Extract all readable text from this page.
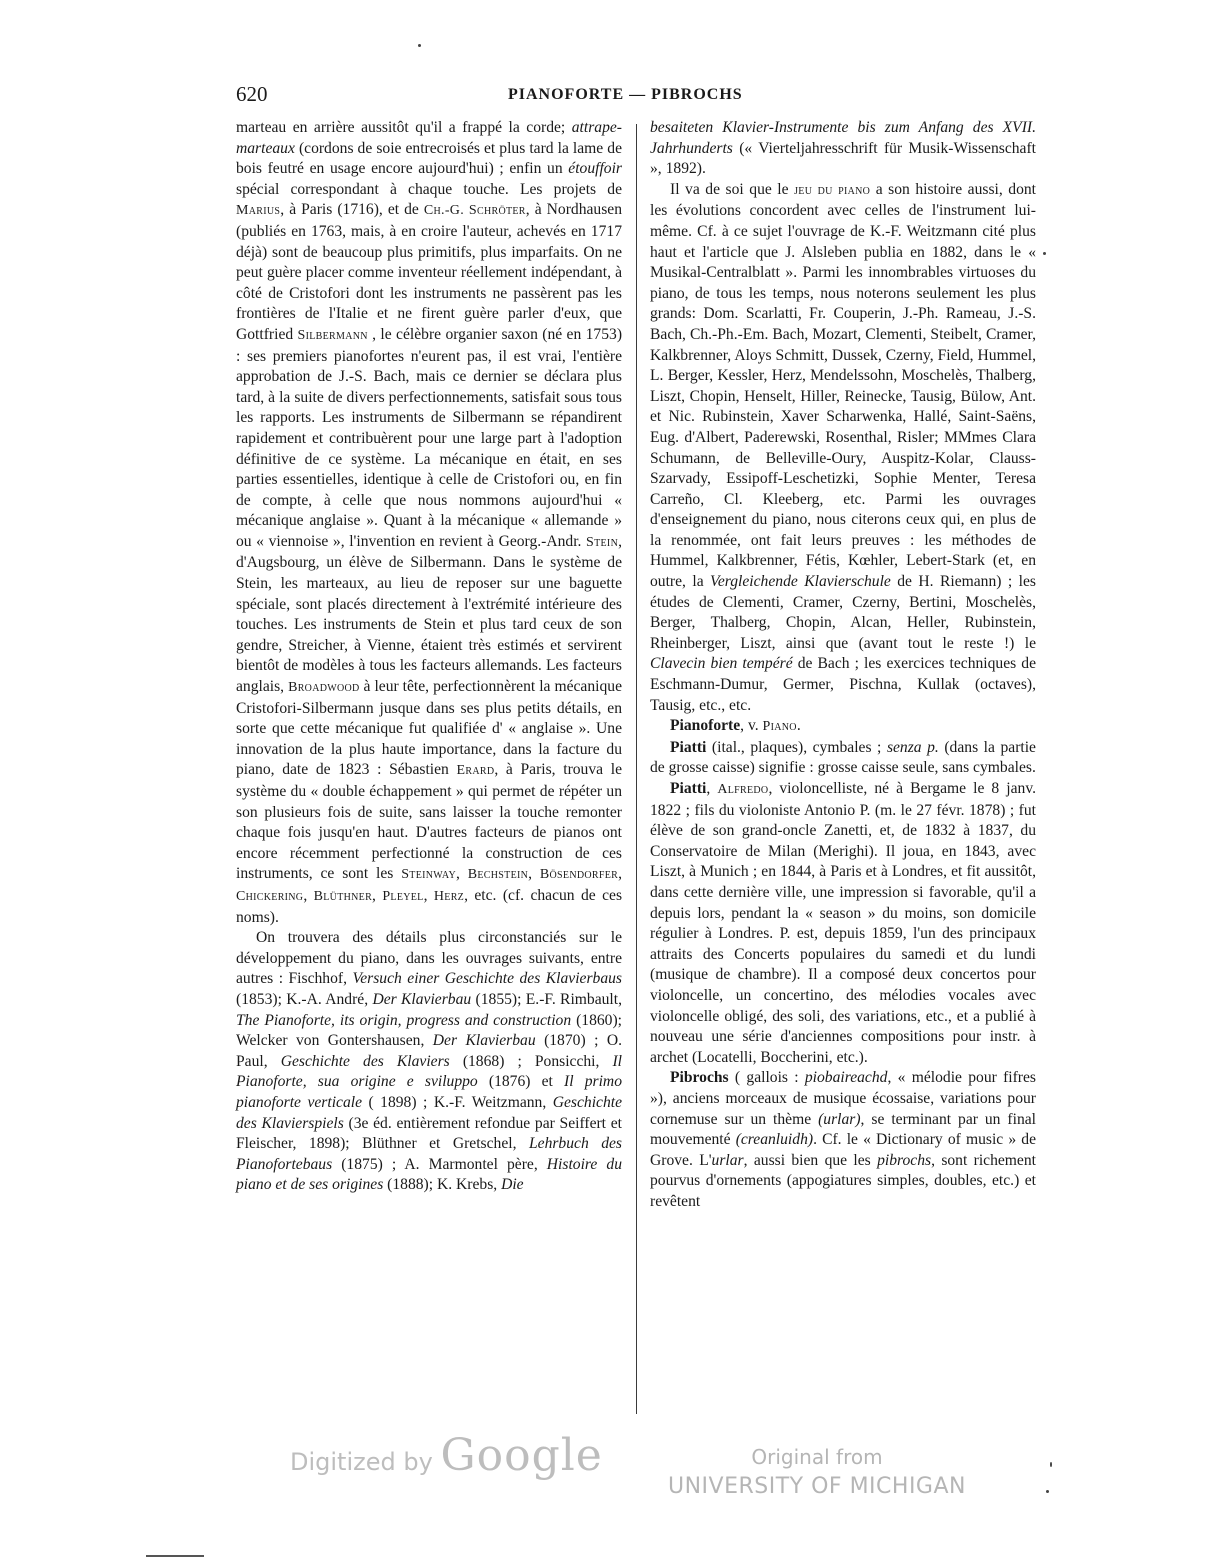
620	PIANOFORTE — PIBROCHS

marteau en arrière aussitôt qu'il a frappé la corde; attrape-marteaux (cordons de soie entrecroisés et plus tard la lame de bois feutré en usage encore aujourd'hui) ; enfin un étouffoir spécial correspondant à chaque touche. Les projets de Marius, à Paris (1716), et de Ch.-G. Schröter, à Nordhausen (publiés en 1763, mais, à en croire l'auteur, achevés en 1717 déjà) sont de beaucoup plus primitifs, plus imparfaits. On ne peut guère placer comme inventeur réellement indépendant, à côté de Cristofori dont les instruments ne passèrent pas les frontières de l'Italie et ne firent guère parler d'eux, que Gottfried Silbermann , le célèbre organier saxon (né en 1753) : ses premiers pianofortes n'eurent pas, il est vrai, l'entière approbation de J.-S. Bach, mais ce dernier se déclara plus tard, à la suite de divers perfectionnements, satisfait sous tous les rapports. Les instruments de Silbermann se répandirent rapidement et contribuèrent pour une large part à l'adoption définitive de ce système. La mécanique en était, en ses parties essentielles, identique à celle de Cristofori ou, en fin de compte, à celle que nous nommons aujourd'hui « mécanique anglaise ». Quant à la mécanique « allemande » ou « viennoise », l'invention en revient à Georg.-Andr. Stein, d'Augsbourg, un élève de Silbermann. Dans le système de Stein, les marteaux, au lieu de reposer sur une baguette spéciale, sont placés directement à l'extrémité intérieure des touches. Les instruments de Stein et plus tard ceux de son gendre, Streicher, à Vienne, étaient très estimés et servirent bientôt de modèles à tous les facteurs allemands. Les facteurs anglais, Broadwood à leur tête, perfectionnèrent la mécanique Cristofori-Silbermann jusque dans ses plus petits détails, en sorte que cette mécanique fut qualifiée d' « anglaise ». Une innovation de la plus haute importance, dans la facture du piano, date de 1823 : Sébastien Erard, à Paris, trouva le système du « double échappement » qui permet de répéter un son plusieurs fois de suite, sans laisser la touche remonter chaque fois jusqu'en haut. D'autres facteurs de pianos ont encore récemment perfectionné la construction de ces instruments, ce sont les Steinway, Bechstein, Bösendorfer, Chickering, Blüthner, Pleyel, Herz, etc. (cf. chacun de ces noms).

On trouvera des détails plus circonstanciés sur le développement du piano, dans les ouvrages suivants, entre autres : Fischhof, Versuch einer Geschichte des Klavierbaus (1853); K.-A. André, Der Klavierbau (1855); E.-F. Rimbault, The Pianoforte, its origin, progress and construction (1860); Welcker von Gontershausen, Der Klavierbau (1870) ; O. Paul, Geschichte des Klaviers (1868) ; Ponsicchi, Il Pianoforte, sua origine e sviluppo (1876) et Il primo pianoforte verticale ( 1898) ; K.-F. Weitzmann, Geschichte des Klavierspiels (3e éd. entièrement refondue par Seiffert et Fleischer, 1898); Blüthner et Gretschel, Lehrbuch des Pianofortebaus (1875) ; A. Marmontel père, Histoire du piano et de ses origines (1888); K. Krebs, Die

besaiteten Klavier-Instrumente bis zum Anfang des XVII. Jahrhunderts (« Vierteljahresschrift für Musik-Wissenschaft », 1892).

Il va de soi que le jeu du piano a son histoire aussi, dont les évolutions concordent avec celles de l'instrument lui-même. Cf. à ce sujet l'ouvrage de K.-F. Weitzmann cité plus haut et l'article que J. Alsleben publia en 1882, dans le « Musikal-Centralblatt ». Parmi les innombrables virtuoses du piano, de tous les temps, nous noterons seulement les plus grands: Dom. Scarlatti, Fr. Couperin, J.-Ph. Rameau, J.-S. Bach, Ch.-Ph.-Em. Bach, Mozart, Clementi, Steibelt, Cramer, Kalkbrenner, Aloys Schmitt, Dussek, Czerny, Field, Hummel, L. Berger, Kessler, Herz, Mendelssohn, Moschelès, Thalberg, Liszt, Chopin, Henselt, Hiller, Reinecke, Tausig, Bülow, Ant. et Nic. Rubinstein, Xaver Scharwenka, Hallé, Saint-Saëns, Eug. d'Albert, Paderewski, Rosenthal, Risler; MMmes Clara Schumann, de Belleville-Oury, Auspitz-Kolar, Clauss-Szarvady, Essipoff-Leschetizki, Sophie Menter, Teresa Carreño, Cl. Kleeberg, etc. Parmi les ouvrages d'enseignement du piano, nous citerons ceux qui, en plus de la renommée, ont fait leurs preuves : les méthodes de Hummel, Kalkbrenner, Fétis, Kœhler, Lebert-Stark (et, en outre, la Vergleichende Klavierschule de H. Riemann) ; les études de Clementi, Cramer, Czerny, Bertini, Moschelès, Berger, Thalberg, Chopin, Alcan, Heller, Rubinstein, Rheinberger, Liszt, ainsi que (avant tout le reste !) le Clavecin bien tempéré de Bach ; les exercices techniques de Eschmann-Dumur, Germer, Pischna, Kullak (octaves), Tausig, etc., etc.

Pianoforte, v. Piano.

Piatti (ital., plaques), cymbales ; senza p. (dans la partie de grosse caisse) signifie : grosse caisse seule, sans cymbales.

Piatti, Alfredo, violoncelliste, né à Bergame le 8 janv. 1822 ; fils du violoniste Antonio P. (m. le 27 févr. 1878) ; fut élève de son grand-oncle Zanetti, et, de 1832 à 1837, du Conservatoire de Milan (Merighi). Il joua, en 1843, avec Liszt, à Munich ; en 1844, à Paris et à Londres, et fit aussitôt, dans cette dernière ville, une impression si favorable, qu'il a depuis lors, pendant la « season » du moins, son domicile régulier à Londres. P. est, depuis 1859, l'un des principaux attraits des Concerts populaires du samedi et du lundi (musique de chambre). Il a composé deux concertos pour violoncelle, un concertino, des mélodies vocales avec violoncelle obligé, des soli, des variations, etc., et a publié à nouveau une série d'anciennes compositions pour instr. à archet (Locatelli, Boccherini, etc.).

Pibrochs ( gallois : piobaireachd, « mélodie pour fifres »), anciens morceaux de musique écossaise, variations pour cornemuse sur un thème (urlar), se terminant par un final mouvementé (creanluidh). Cf. le « Dictionary of music » de Grove. L'urlar, aussi bien que les pibrochs, sont richement pourvus d'ornements (appogiatures simples, doubles, etc.) et revêtent

Digitized by Google	Original from
UNIVERSITY OF MICHIGAN
